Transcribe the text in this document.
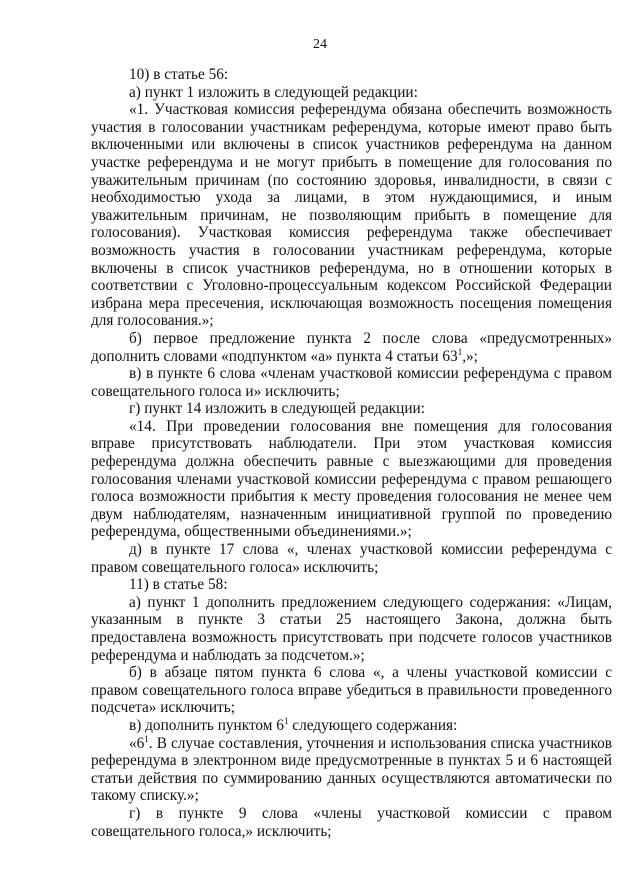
24

10) в статье 56:

а) пункт 1 изложить в следующей редакции:

«1. Участковая комиссия референдума обязана обеспечить возможность участия в голосовании участникам референдума, которые имеют право быть включенными или включены в список участников референдума на данном участке референдума и не могут прибыть в помещение для голосования по уважительным причинам (по состоянию здоровья, инвалидности, в связи с необходимостью ухода за лицами, в этом нуждающимися, и иным уважительным причинам, не позволяющим прибыть в помещение для голосования). Участковая комиссия референдума также обеспечивает возможность участия в голосовании участникам референдума, которые включены в список участников референдума, но в отношении которых в соответствии с Уголовно-процессуальным кодексом Российской Федерации избрана мера пресечения, исключающая возможность посещения помещения для голосования.»;

б) первое предложение пункта 2 после слова «предусмотренных» дополнить словами «подпунктом «а» пункта 4 статьи $63^1$,»;

в) в пункте 6 слова «членам участковой комиссии референдума с правом совещательного голоса и» исключить;

г) пункт 14 изложить в следующей редакции:

«14. При проведении голосования вне помещения для голосования вправе присутствовать наблюдатели. При этом участковая комиссия референдума должна обеспечить равные с выезжающими для проведения голосования членами участковой комиссии референдума с правом решающего голоса возможности прибытия к месту проведения голосования не менее чем двум наблюдателям, назначенным инициативной группой по проведению референдума, общественными объединениями.»;

д) в пункте 17 слова «, членах участковой комиссии референдума с правом совещательного голоса» исключить;

11) в статье 58:

а) пункт 1 дополнить предложением следующего содержания: «Лицам, указанным в пункте 3 статьи 25 настоящего Закона, должна быть предоставлена возможность присутствовать при подсчете голосов участников референдума и наблюдать за подсчетом.»;

б) в абзаце пятом пункта 6 слова «, а члены участковой комиссии с правом совещательного голоса вправе убедиться в правильности проведенного подсчета» исключить;

в) дополнить пунктом $6^1$ следующего содержания:

«$6^1$. В случае составления, уточнения и использования списка участников референдума в электронном виде предусмотренные в пунктах 5 и 6 настоящей статьи действия по суммированию данных осуществляются автоматически по такому списку.»;

г) в пункте 9 слова «члены участковой комиссии с правом совещательного голоса,» исключить;
